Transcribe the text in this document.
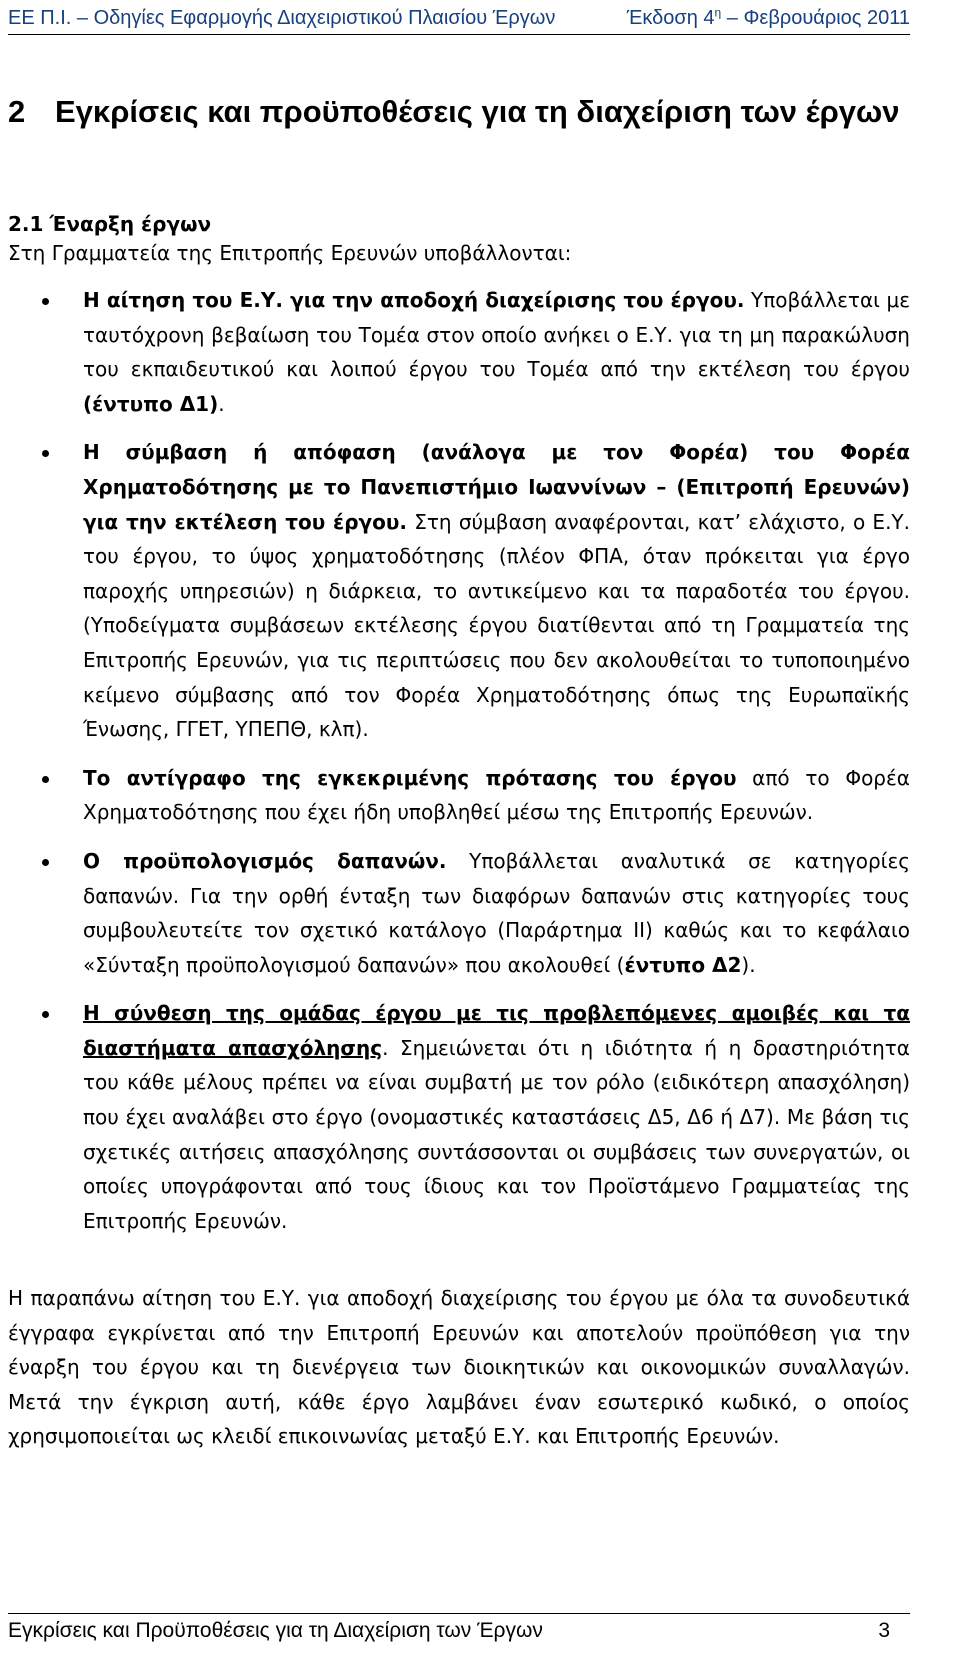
ΕΕ Π.Ι. – Οδηγίες Εφαρμογής Διαχειριστικού Πλαισίου Έργων	Έκδοση $4^\eta$ – Φεβρουάριος 2011
2 Εγκρίσεις και προϋποθέσεις για τη διαχείριση των έργων
2.1 Έναρξη έργων
Στη Γραμματεία της Επιτροπής Ερευνών υποβάλλονται:
Η αίτηση του Ε.Υ. για την αποδοχή διαχείρισης του έργου. Υποβάλλεται με ταυτόχρονη βεβαίωση του Τομέα στον οποίο ανήκει ο Ε.Υ. για τη μη παρακώλυση του εκπαιδευτικού και λοιπού έργου του Τομέα από την εκτέλεση του έργου (έντυπο Δ1).
Η σύμβαση ή απόφαση (ανάλογα με τον Φορέα) του Φορέα Χρηματοδότησης με το Πανεπιστήμιο Ιωαννίνων – (Επιτροπή Ερευνών) για την εκτέλεση του έργου. Στη σύμβαση αναφέρονται, κατ’ ελάχιστο, ο Ε.Υ. του έργου, το ύψος χρηματοδότησης (πλέον ΦΠΑ, όταν πρόκειται για έργο παροχής υπηρεσιών) η διάρκεια, το αντικείμενο και τα παραδοτέα του έργου. (Υποδείγματα συμβάσεων εκτέλεσης έργου διατίθενται από τη Γραμματεία της Επιτροπής Ερευνών, για τις περιπτώσεις που δεν ακολουθείται το τυποποιημένο κείμενο σύμβασης από τον Φορέα Χρηματοδότησης όπως της Ευρωπαϊκής Ένωσης, ΓΓΕΤ, ΥΠΕΠΘ, κλπ).
Το αντίγραφο της εγκεκριμένης πρότασης του έργου από το Φορέα Χρηματοδότησης που έχει ήδη υποβληθεί μέσω της Επιτροπής Ερευνών.
Ο προϋπολογισμός δαπανών. Υποβάλλεται αναλυτικά σε κατηγορίες δαπανών. Για την ορθή ένταξη των διαφόρων δαπανών στις κατηγορίες τους συμβουλευτείτε τον σχετικό κατάλογο (Παράρτημα ΙΙ) καθώς και το κεφάλαιο «Σύνταξη προϋπολογισμού δαπανών» που ακολουθεί (έντυπο Δ2).
Η σύνθεση της ομάδας έργου με τις προβλεπόμενες αμοιβές και τα διαστήματα απασχόλησης. Σημειώνεται ότι η ιδιότητα ή η δραστηριότητα του κάθε μέλους πρέπει να είναι συμβατή με τον ρόλο (ειδικότερη απασχόληση) που έχει αναλάβει στο έργο (ονομαστικές καταστάσεις Δ5, Δ6 ή Δ7). Με βάση τις σχετικές αιτήσεις απασχόλησης συντάσσονται οι συμβάσεις των συνεργατών, οι οποίες υπογράφονται από τους ίδιους και τον Προϊστάμενο Γραμματείας της Επιτροπής Ερευνών.
Η παραπάνω αίτηση του Ε.Υ. για αποδοχή διαχείρισης του έργου με όλα τα συνοδευτικά έγγραφα εγκρίνεται από την Επιτροπή Ερευνών και αποτελούν προϋπόθεση για την έναρξη του έργου και τη διενέργεια των διοικητικών και οικονομικών συναλλαγών. Μετά την έγκριση αυτή, κάθε έργο λαμβάνει έναν εσωτερικό κωδικό, ο οποίος χρησιμοποιείται ως κλειδί επικοινωνίας μεταξύ Ε.Υ. και Επιτροπής Ερευνών.
Εγκρίσεις και Προϋποθέσεις για τη Διαχείριση των Έργων	3
